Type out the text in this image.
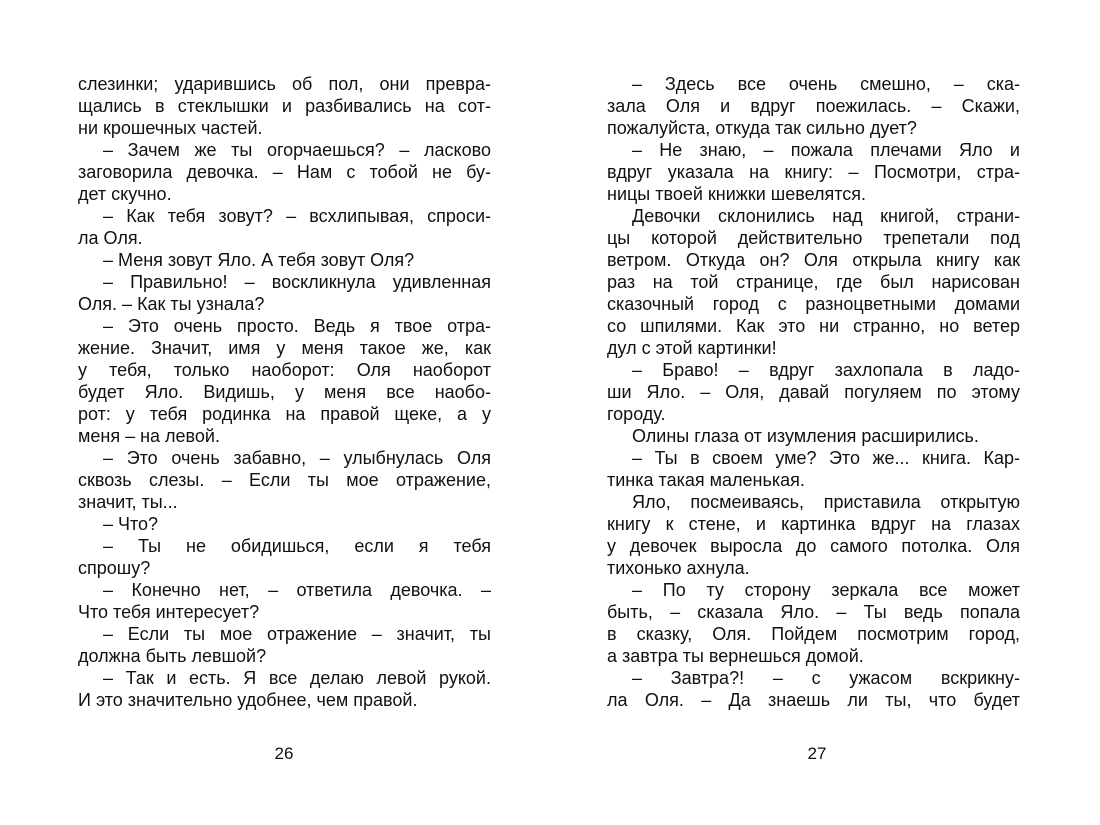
слезинки; ударившись об пол, они превра-
щались в стеклышки и разбивались на сот-
ни крошечных частей.
– Зачем же ты огорчаешься? – ласково
заговорила девочка. – Нам с тобой не бу-
дет скучно.
– Как тебя зовут? – всхлипывая, спроси-
ла Оля.
– Меня зовут Яло. А тебя зовут Оля?
– Правильно! – воскликнула удивленная
Оля. – Как ты узнала?
– Это очень просто. Ведь я твое отра-
жение. Значит, имя у меня такое же, как
у тебя, только наоборот: Оля наоборот
будет Яло. Видишь, у меня все наобо-
рот: у тебя родинка на правой щеке, а у
меня – на левой.
– Это очень забавно, – улыбнулась Оля
сквозь слезы. – Если ты мое отражение,
значит, ты...
– Что?
– Ты не обидишься, если я тебя
спрошу?
– Конечно нет, – ответила девочка. –
Что тебя интересует?
– Если ты мое отражение – значит, ты
должна быть левшой?
– Так и есть. Я все делаю левой рукой.
И это значительно удобнее, чем правой.
26
– Здесь все очень смешно, – ска-
зала Оля и вдруг поежилась. – Скажи,
пожалуйста, откуда так сильно дует?
– Не знаю, – пожала плечами Яло и
вдруг указала на книгу: – Посмотри, стра-
ницы твоей книжки шевелятся.
Девочки склонились над книгой, страни-
цы которой действительно трепетали под
ветром. Откуда он? Оля открыла книгу как
раз на той странице, где был нарисован
сказочный город с разноцветными домами
со шпилями. Как это ни странно, но ветер
дул с этой картинки!
– Браво! – вдруг захлопала в ладо-
ши Яло. – Оля, давай погуляем по этому
городу.
Олины глаза от изумления расширились.
– Ты в своем уме? Это же... книга. Кар-
тинка такая маленькая.
Яло, посмеиваясь, приставила открытую
книгу к стене, и картинка вдруг на глазах
у девочек выросла до самого потолка. Оля
тихонько ахнула.
– По ту сторону зеркала все может
быть, – сказала Яло. – Ты ведь попала
в сказку, Оля. Пойдем посмотрим город,
а завтра ты вернешься домой.
– Завтра?! – с ужасом вскрикну-
ла Оля. – Да знаешь ли ты, что будет
27
